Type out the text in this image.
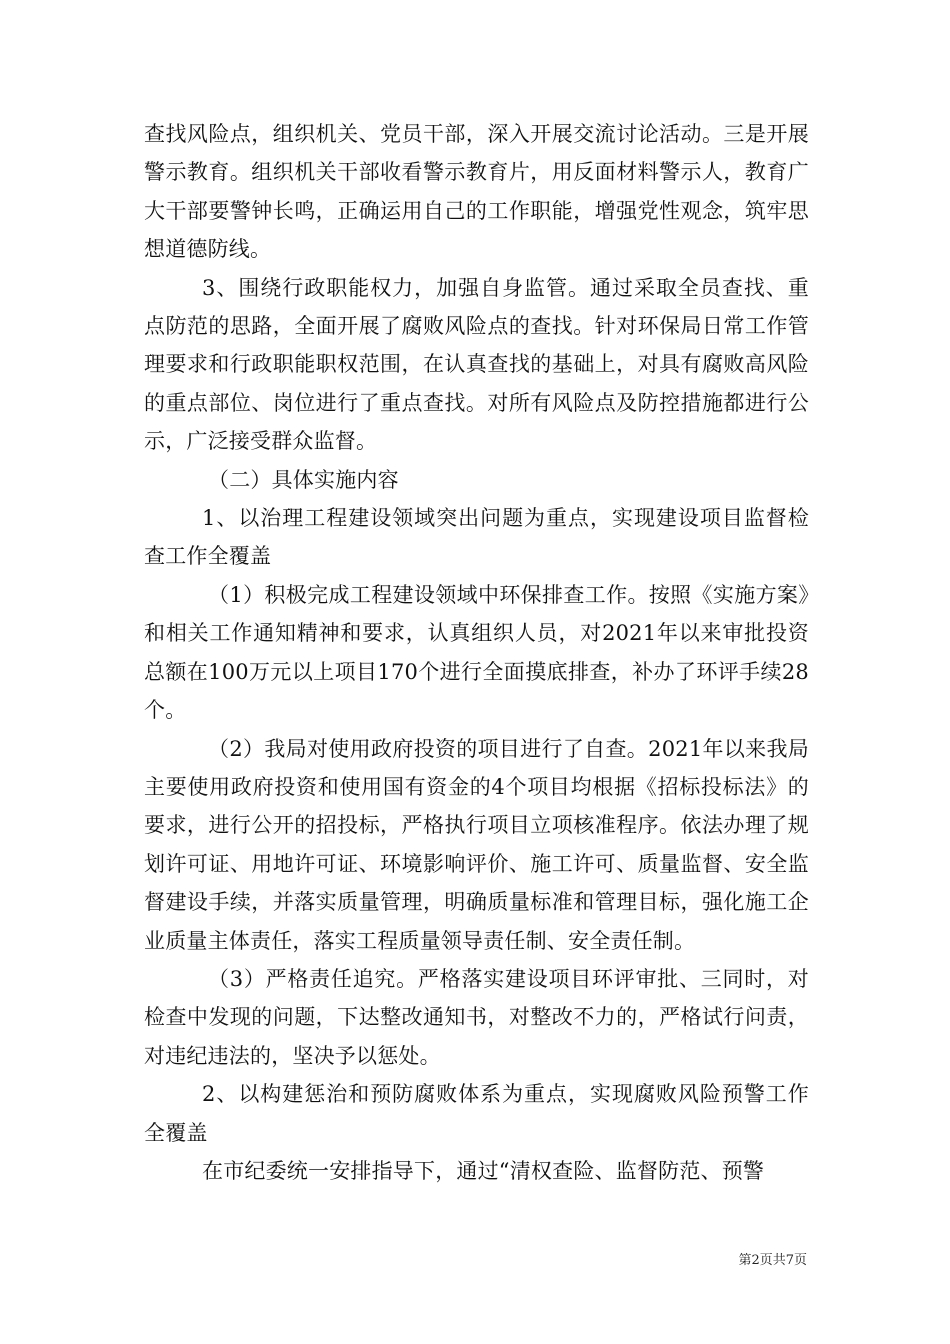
查找风险点，组织机关、党员干部，深入开展交流讨论活动。三是开展警示教育。组织机关干部收看警示教育片，用反面材料警示人，教育广大干部要警钟长鸣，正确运用自己的工作职能，增强党性观念，筑牢思想道德防线。

3、围绕行政职能权力，加强自身监管。通过采取全员查找、重点防范的思路，全面开展了腐败风险点的查找。针对环保局日常工作管理要求和行政职能职权范围，在认真查找的基础上，对具有腐败高风险的重点部位、岗位进行了重点查找。对所有风险点及防控措施都进行公示，广泛接受群众监督。

（二）具体实施内容

1、以治理工程建设领域突出问题为重点，实现建设项目监督检查工作全覆盖

（1）积极完成工程建设领域中环保排查工作。按照《实施方案》和相关工作通知精神和要求，认真组织人员，对2021年以来审批投资总额在100万元以上项目170个进行全面摸底排查，补办了环评手续28个。

（2）我局对使用政府投资的项目进行了自查。2021年以来我局主要使用政府投资和使用国有资金的4个项目均根据《招标投标法》的要求，进行公开的招投标，严格执行项目立项核准程序。依法办理了规划许可证、用地许可证、环境影响评价、施工许可、质量监督、安全监督建设手续，并落实质量管理，明确质量标准和管理目标，强化施工企业质量主体责任，落实工程质量领导责任制、安全责任制。

（3）严格责任追究。严格落实建设项目环评审批、三同时，对检查中发现的问题，下达整改通知书，对整改不力的，严格试行问责，对违纪违法的，坚决予以惩处。

2、以构建惩治和预防腐败体系为重点，实现腐败风险预警工作全覆盖

在市纪委统一安排指导下，通过“清权查险、监督防范、预警

第2页共7页
